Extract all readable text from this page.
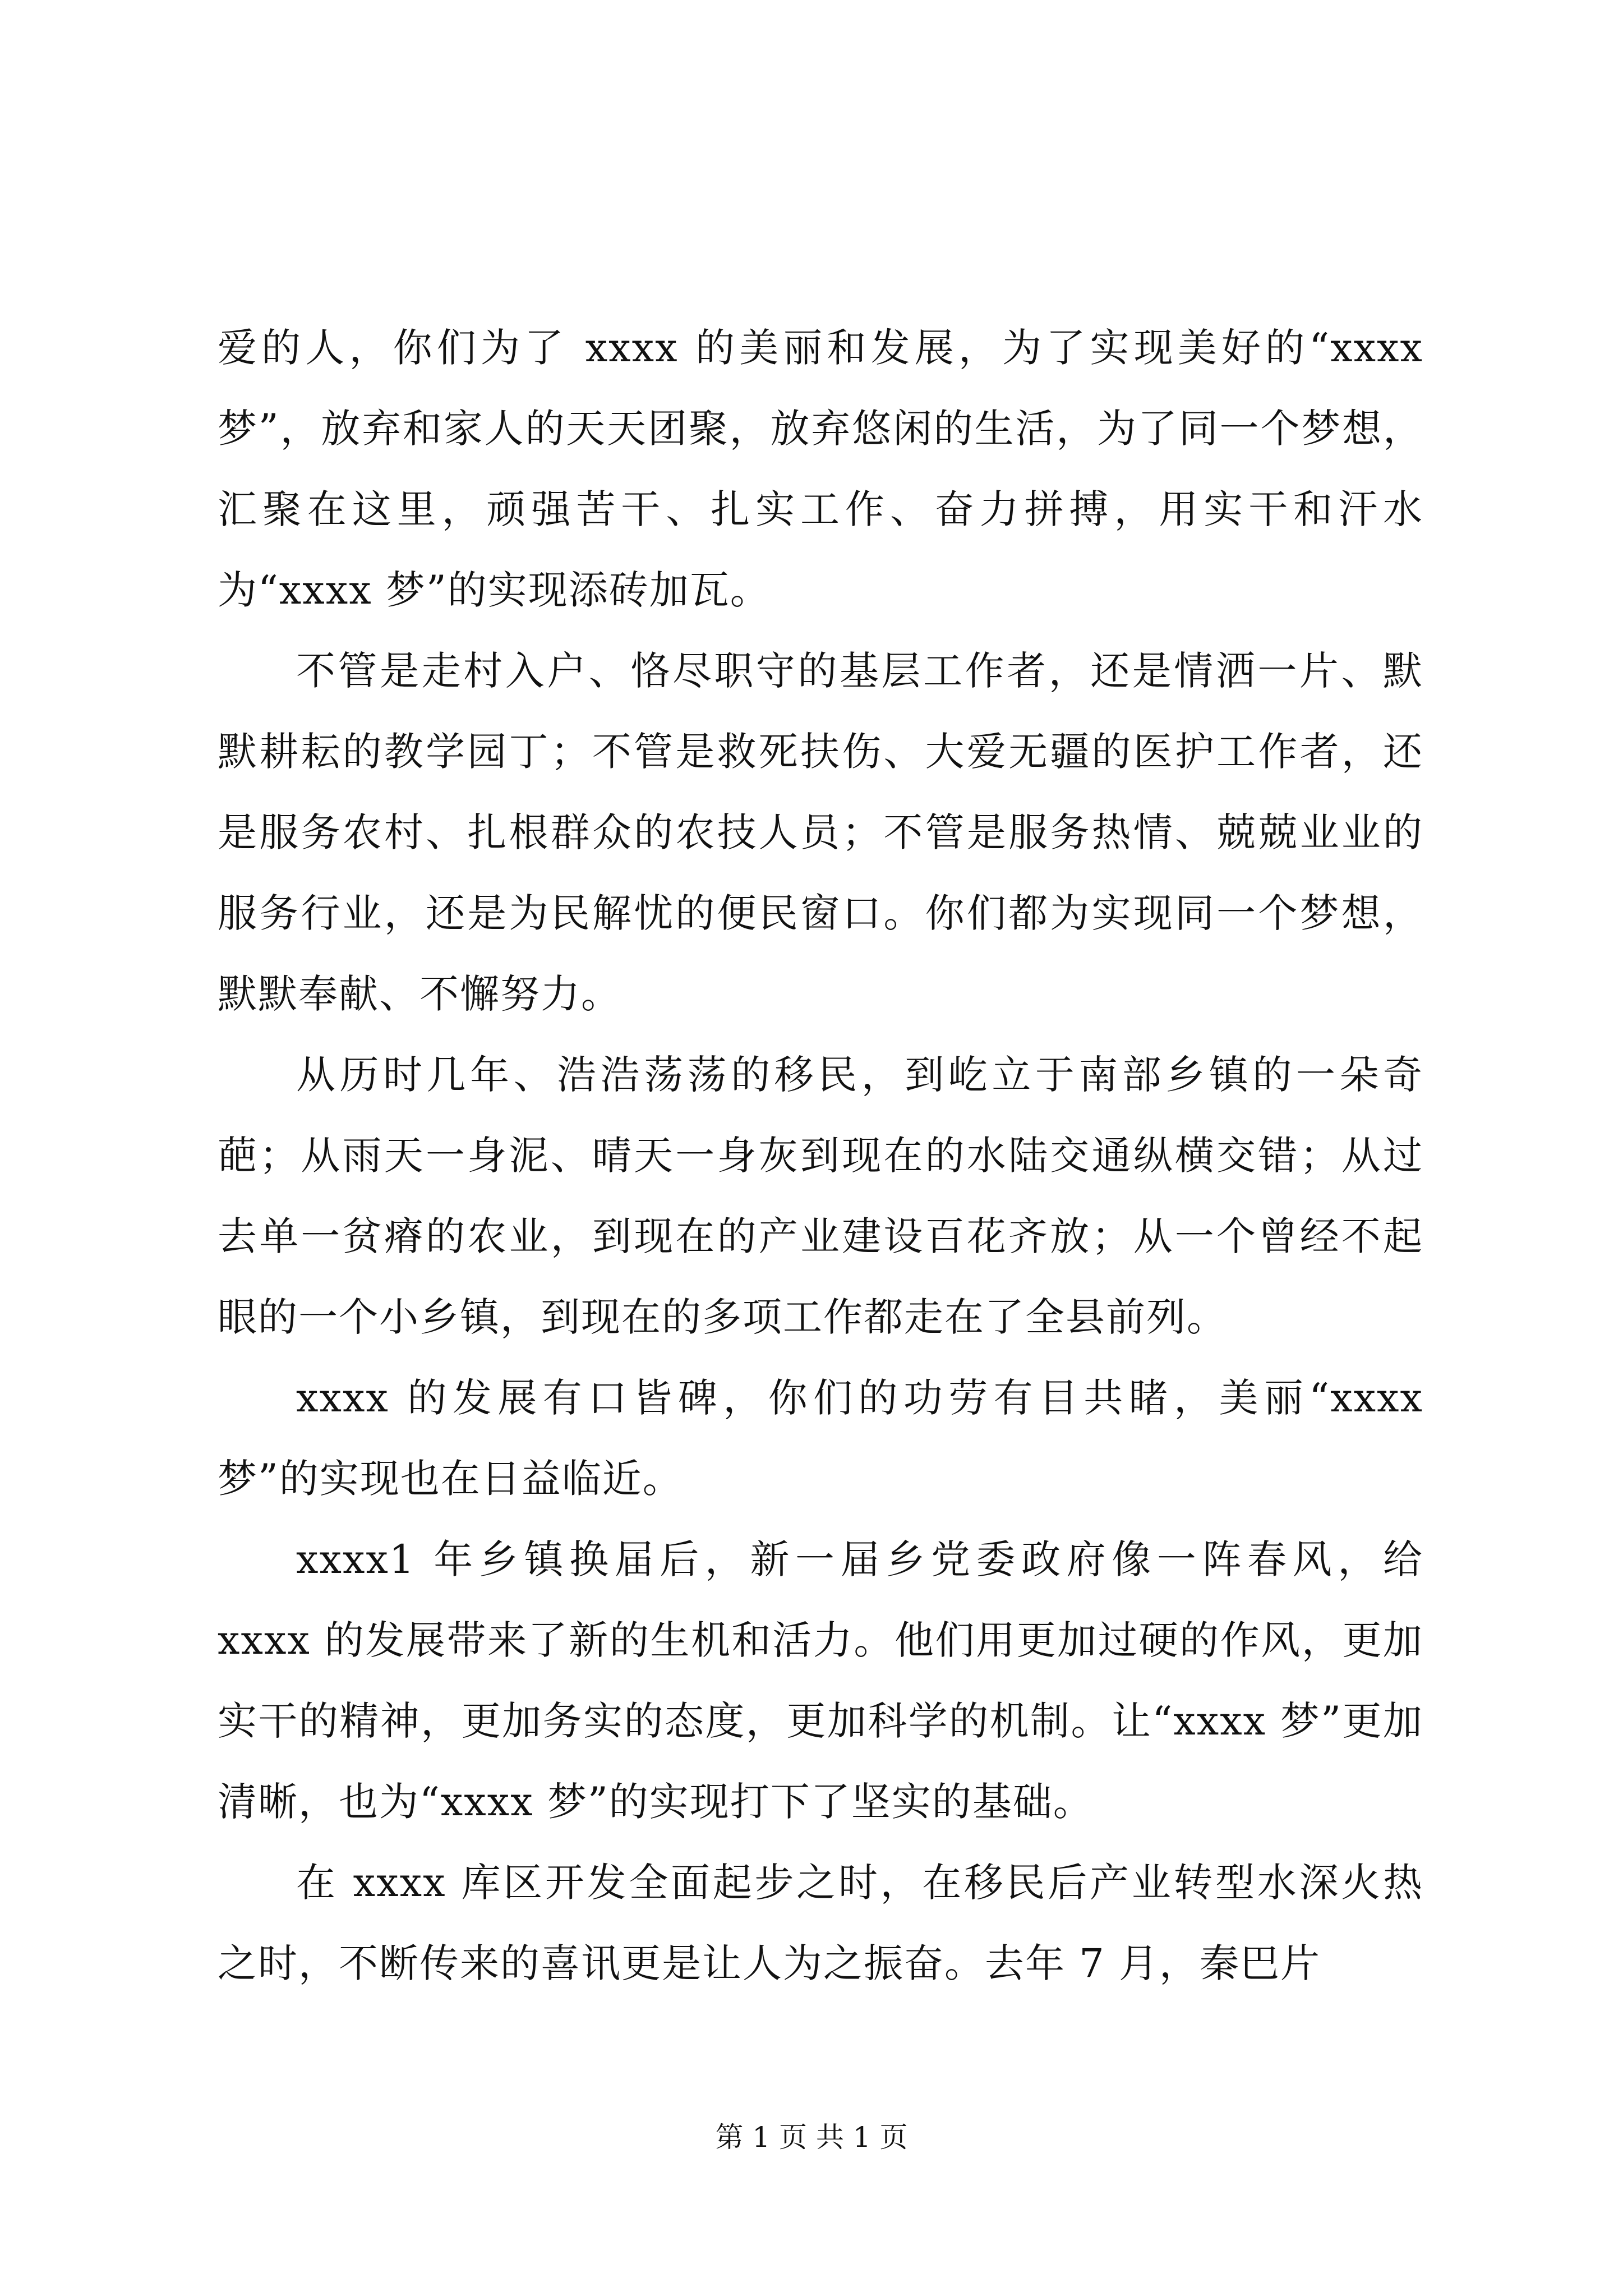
爱的人，你们为了 xxxx 的美丽和发展，为了实现美好的“xxxx 梦”，放弃和家人的天天团聚，放弃悠闲的生活，为了同一个梦想，汇聚在这里，顽强苦干、扎实工作、奋力拼搏，用实干和汗水为“xxxx 梦”的实现添砖加瓦。

不管是走村入户、恪尽职守的基层工作者，还是情洒一片、默默耕耘的教学园丁；不管是救死扶伤、大爱无疆的医护工作者，还是服务农村、扎根群众的农技人员；不管是服务热情、兢兢业业的服务行业，还是为民解忧的便民窗口。你们都为实现同一个梦想，默默奉献、不懈努力。

从历时几年、浩浩荡荡的移民，到屹立于南部乡镇的一朵奇葩；从雨天一身泥、晴天一身灰到现在的水陆交通纵横交错；从过去单一贫瘠的农业，到现在的产业建设百花齐放；从一个曾经不起眼的一个小乡镇，到现在的多项工作都走在了全县前列。

xxxx 的发展有口皆碑，你们的功劳有目共睹，美丽“xxxx 梦”的实现也在日益临近。

xxxx1 年乡镇换届后，新一届乡党委政府像一阵春风，给 xxxx 的发展带来了新的生机和活力。他们用更加过硬的作风，更加实干的精神，更加务实的态度，更加科学的机制。让“xxxx 梦”更加清晰，也为“xxxx 梦”的实现打下了坚实的基础。

在 xxxx 库区开发全面起步之时，在移民后产业转型水深火热之时，不断传来的喜讯更是让人为之振奋。去年 7 月，秦巴片

第 1 页 共 1 页
